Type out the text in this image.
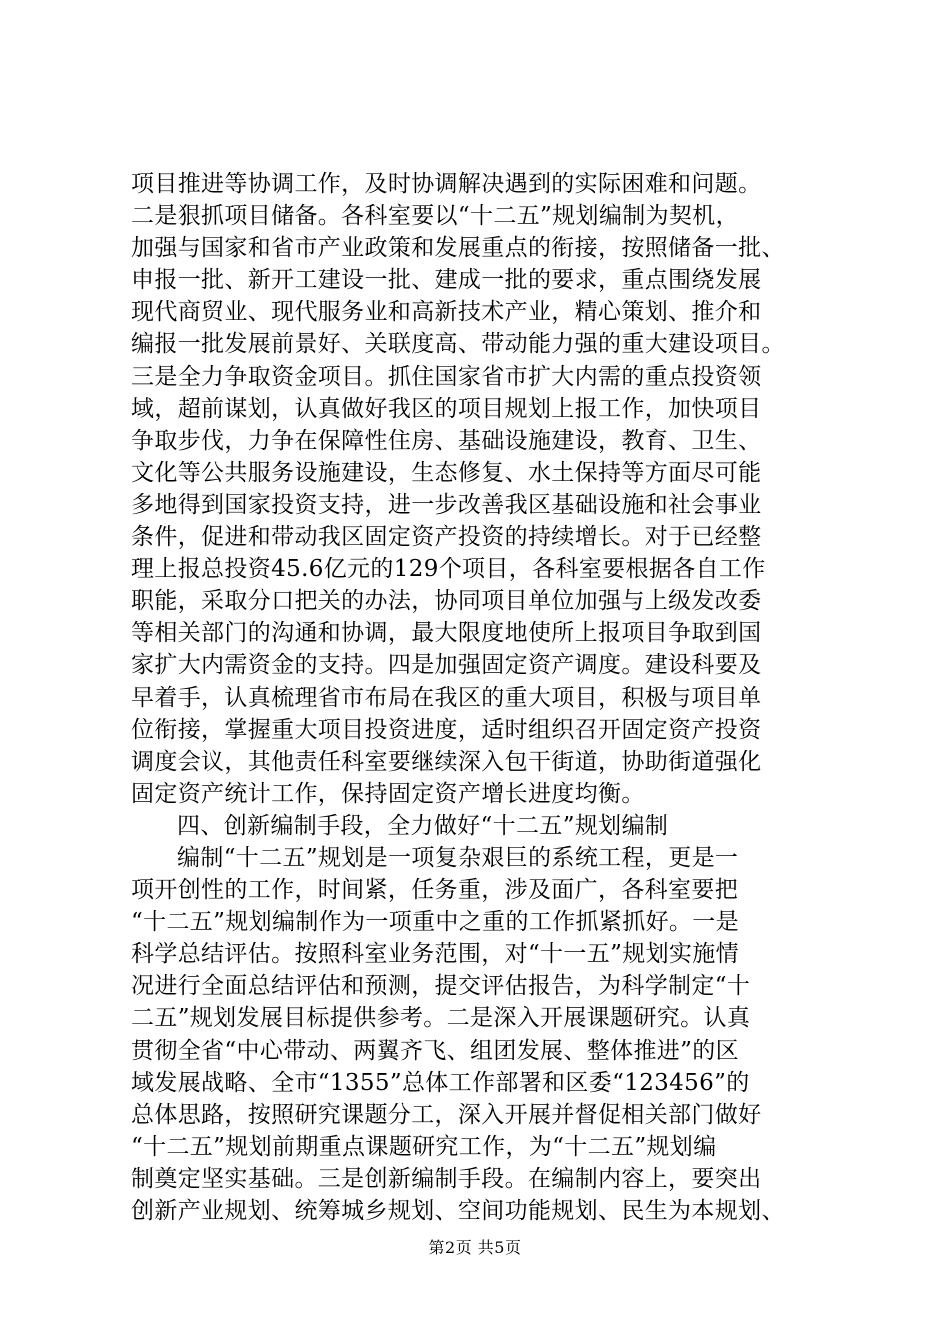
项目推进等协调工作，及时协调解决遇到的实际困难和问题。
二是狠抓项目储备。各科室要以“十二五”规划编制为契机，
加强与国家和省市产业政策和发展重点的衔接，按照储备一批、
申报一批、新开工建设一批、建成一批的要求，重点围绕发展
现代商贸业、现代服务业和高新技术产业，精心策划、推介和
编报一批发展前景好、关联度高、带动能力强的重大建设项目。
三是全力争取资金项目。抓住国家省市扩大内需的重点投资领
域，超前谋划，认真做好我区的项目规划上报工作，加快项目
争取步伐，力争在保障性住房、基础设施建设，教育、卫生、
文化等公共服务设施建设，生态修复、水土保持等方面尽可能
多地得到国家投资支持，进一步改善我区基础设施和社会事业
条件，促进和带动我区固定资产投资的持续增长。对于已经整
理上报总投资45.6亿元的129个项目，各科室要根据各自工作
职能，采取分口把关的办法，协同项目单位加强与上级发改委
等相关部门的沟通和协调，最大限度地使所上报项目争取到国
家扩大内需资金的支持。四是加强固定资产调度。建设科要及
早着手，认真梳理省市布局在我区的重大项目，积极与项目单
位衔接，掌握重大项目投资进度，适时组织召开固定资产投资
调度会议，其他责任科室要继续深入包干街道，协助街道强化
固定资产统计工作，保持固定资产增长进度均衡。
四、创新编制手段，全力做好“十二五”规划编制
编制“十二五”规划是一项复杂艰巨的系统工程，更是一
项开创性的工作，时间紧，任务重，涉及面广，各科室要把
“十二五”规划编制作为一项重中之重的工作抓紧抓好。一是
科学总结评估。按照科室业务范围，对“十一五”规划实施情
况进行全面总结评估和预测，提交评估报告，为科学制定“十
二五”规划发展目标提供参考。二是深入开展课题研究。认真
贯彻全省“中心带动、两翼齐飞、组团发展、整体推进”的区
域发展战略、全市“1355”总体工作部署和区委“123456”的
总体思路，按照研究课题分工，深入开展并督促相关部门做好
“十二五”规划前期重点课题研究工作，为“十二五”规划编
制奠定坚实基础。三是创新编制手段。在编制内容上，要突出
创新产业规划、统筹城乡规划、空间功能规划、民生为本规划、
第2页 共5页
